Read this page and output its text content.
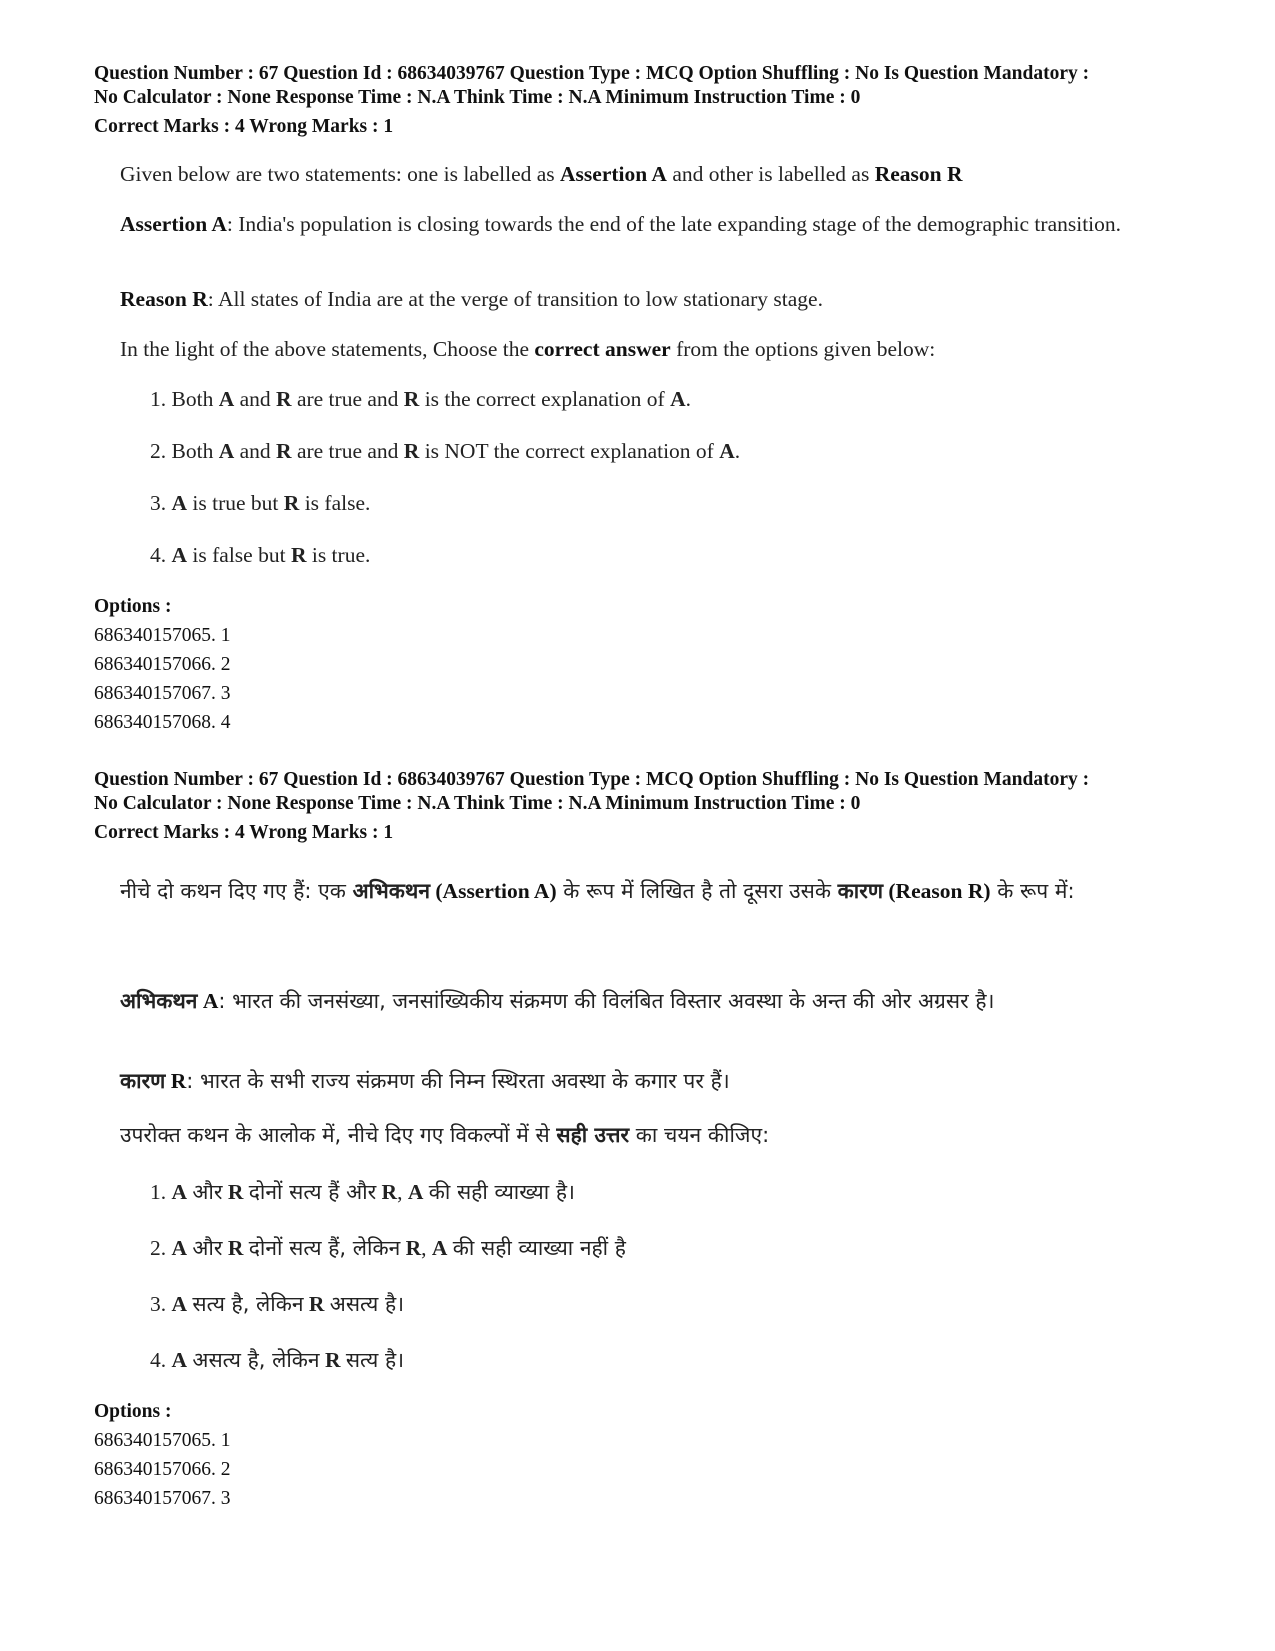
Question Number : 67 Question Id : 68634039767 Question Type : MCQ Option Shuffling : No Is Question Mandatory :
No Calculator : None Response Time : N.A Think Time : N.A Minimum Instruction Time : 0
Correct Marks : 4 Wrong Marks : 1
Given below are two statements: one is labelled as Assertion A and other is labelled as Reason R
Assertion A: India's population is closing towards the end of the late expanding stage of the demographic transition.
Reason R: All states of India are at the verge of transition to low stationary stage.
In the light of the above statements, Choose the correct answer from the options given below:
1. Both A and R are true and R is the correct explanation of A.
2. Both A and R are true and R is NOT the correct explanation of A.
3. A is true but R is false.
4. A is false but R is true.
Options :
686340157065. 1
686340157066. 2
686340157067. 3
686340157068. 4
Question Number : 67 Question Id : 68634039767 Question Type : MCQ Option Shuffling : No Is Question Mandatory :
No Calculator : None Response Time : N.A Think Time : N.A Minimum Instruction Time : 0
Correct Marks : 4 Wrong Marks : 1
नीचे दो कथन दिए गए हैं: एक अभिकथन (Assertion A) के रूप में लिखित है तो दूसरा उसके कारण (Reason R) के रूप में:
अभिकथन A: भारत की जनसंख्या, जनसांख्यिकीय संक्रमण की विलंबित विस्तार अवस्था के अन्त की ओर अग्रसर है।
कारण R: भारत के सभी राज्य संक्रमण की निम्न स्थिरता अवस्था के कगार पर हैं।
उपरोक्त कथन के आलोक में, नीचे दिए गए विकल्पों में से सही उत्तर का चयन कीजिए:
1. A और R दोनों सत्य हैं और R, A की सही व्याख्या है।
2. A और R दोनों सत्य हैं, लेकिन R, A की सही व्याख्या नहीं है
3. A सत्य है, लेकिन R असत्य है।
4. A असत्य है, लेकिन R सत्य है।
Options :
686340157065. 1
686340157066. 2
686340157067. 3
